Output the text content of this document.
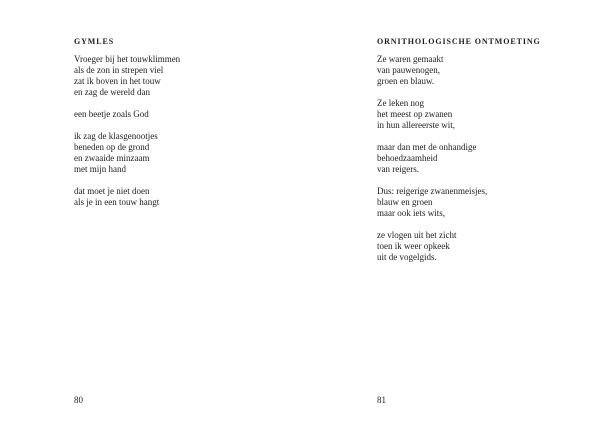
GYMLES
Vroeger bij het touwklimmen
als de zon in strepen viel
zat ik boven in het touw
en zag de wereld dan
een beetje zoals God
ik zag de klasgenootjes
beneden op de grond
en zwaaide minzaam
met mijn hand
dat moet je niet doen
als je in een touw hangt
80
ORNITHOLOGISCHE ONTMOETING
Ze waren gemaakt
van pauwenogen,
groen en blauw.
Ze leken nog
het meest op zwanen
in hun allereerste wit,
maar dan met de onhandige
behoedzaamheid
van reigers.
Dus: reigerige zwanenmeisjes,
blauw en groen
maar ook iets wits,
ze vlogen uit het zicht
toen ik weer opkeek
uit de vogelgids.
81
